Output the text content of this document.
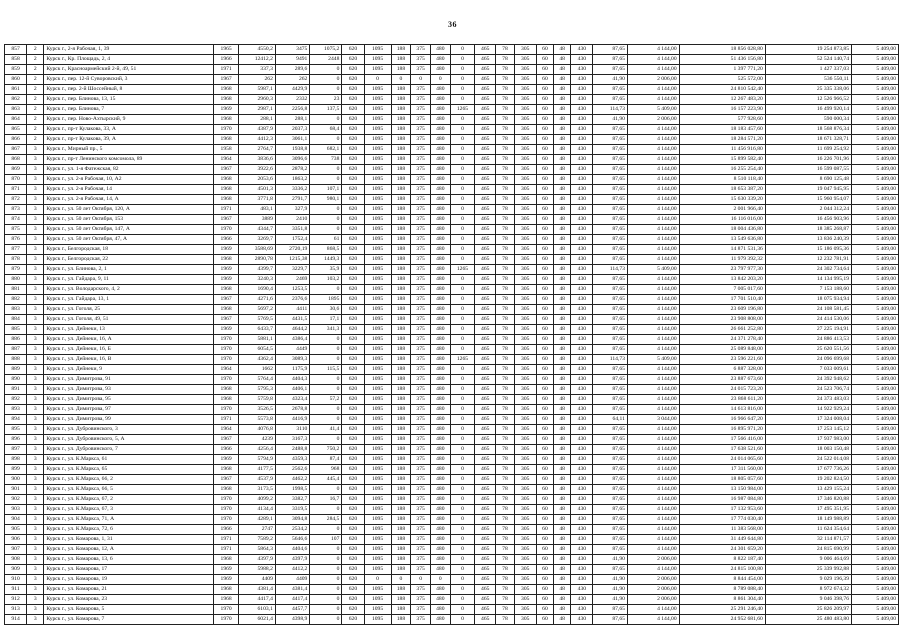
36
857	2	Курск г., 2-я Рабочая, 1, 39	1965	4550,2	3475	1075,2	620	1095	188	375	480	0	465	78	305	60	48	430	87,65	4 144,00	18 856 028,80	19 254 873,85	5 409,00
858	2	Курск г., Кр. Площадь, 2, 4	1966	12412,2	9491	2448	620	1095	188	375	480	0	465	78	305	60	48	430	87,65	4 144,00	51 436 156,80	52 524 140,74	5 409,00
859	2	Курск г., Красноармейский 2-й, 49, 51	1971	337,3	289,6	0	620	1095	188	375	480	0	465	78	305	60	48	430	87,65	4 144,00	1 397 771,20	1 427 337,03	5 409,00
860	2	Курск г., пер. 12-й Суворовский, 3	1967	262	262	0	620	0	0	0	0	0	465	78	305	60	48	430	41,90	2 006,00	525 572,00	536 550,11	5 409,00
861	2	Курск г., пер. 2-й Шоссейный, 8	1968	5987,1	4429,9	0	620	1095	188	375	480	0	465	78	305	60	48	430	87,65	4 144,00	24 810 542,40	25 335 338,06	5 409,00
862	2	Курск г., пер. Блинова, 13, 15	1968	2960,3	2332	23	620	1095	188	375	480	0	465	78	305	60	48	430	87,65	4 144,00	12 267 483,20	12 526 966,52	5 409,00
863	2	Курск г., пер. Блинова, 7	1969	2987,1	2256,8	137,5	620	1095	188	375	480	1265	465	78	305	60	48	430	114,73	5 409,00	16 157 223,90	16 499 920,14	5 409,00
864	2	Курск г., пер. Ново-Ахтырский, 9	1968	288,1	288,1	0	620	1095	188	375	480	0	465	78	305	60	48	430	41,90	2 006,00	577 928,60	590 000,34	5 409,00
865	2	Курск г., пр-т Кулакова, 33, А	1970	4387,9	2037,3	68,4	620	1095	188	375	480	0	465	78	305	60	48	430	87,65	4 144,00	18 183 457,60	18 568 876,34	5 409,00
866	2	Курск г., пр-т Кулакова, 39, А	1968	4412,3	3061,1	0	620	1095	188	375	480	0	465	78	305	60	48	430	87,65	4 144,00	18 284 571,20	18 671 328,71	5 409,00
867	3	Курск г., Мирный пр., 5	1958	2764,7	1938,8	682,1	620	1095	188	375	480	0	465	78	305	60	48	430	87,65	4 144,00	11 456 916,80	11 699 254,92	5 409,00
868	3	Курск г., пр-т Ленинского комсомола, 89	1964	3836,6	3096,6	738	620	1095	188	375	480	0	465	78	305	60	48	430	87,65	4 144,00	15 899 582,40	16 226 701,96	5 409,00
869	3	Курск г., ул. 1-я Фатежская, 82	1967	3922,6	2878,2	0	620	1095	188	375	480	0	465	78	305	60	48	430	87,65	4 144,00	16 255 254,40	16 599 087,55	5 409,00
870	3	Курск г., ул. 2-я Рабочая, 10, А2	1968	2053,6	1863,2	0	620	1095	188	375	480	0	465	78	305	60	48	430	87,65	4 144,00	8 510 118,40	8 690 125,48	5 409,00
871	3	Курск г., ул. 2-я Рабочая, 14	1968	4501,3	3336,2	107,1	620	1095	188	375	480	0	465	78	305	60	48	430	87,65	4 144,00	18 653 387,20	19 047 945,95	5 409,00
872	3	Курск г., ул. 2-я Рабочая, 14, А	1968	3771,8	2791,7	980,1	620	1095	188	375	480	0	465	78	305	60	48	430	87,65	4 144,00	15 630 339,20	15 960 954,07	5 409,00
873	3	Курск г., ул. 50 лет Октября, 120, А	1971	483,1	327,9	0	620	1095	188	375	480	0	465	78	305	60	48	430	87,65	4 144,00	2 001 966,40	2 044 312,24	5 409,00
874	3	Курск г., ул. 50 лет Октября, 153	1967	3889	2410	0	620	1095	188	375	480	0	465	78	305	60	48	430	87,65	4 144,00	16 116 016,00	16 456 903,96	5 409,00
875	3	Курск г., ул. 50 лет Октября, 147, А	1970	4344,7	3351,8	0	620	1095	188	375	480	0	465	78	305	60	48	430	87,65	4 144,00	18 004 436,80	18 385 268,87	5 409,00
876	3	Курск г., ул. 50 лет Октября, 47, А	1966	3269,7	1752,4	61	620	1095	188	375	480	0	465	78	305	60	48	430	87,65	4 144,00	13 549 636,80	13 836 240,39	5 409,00
877	3	Курск г., Белгородская, 18	1969	3588,69	2720,19	868,5	620	1095	188	375	480	0	465	78	305	60	48	430	87,65	4 144,00	14 871 531,36	15 186 095,36	5 409,00
878	3	Курск г., Белгородская, 22	1968	2890,78	1215,38	1449,3	620	1095	188	375	480	0	465	78	305	60	48	430	87,65	4 144,00	11 979 392,32	12 232 781,91	5 409,00
879	3	Курск г., ул. Блинова, 2, 1	1969	4399,7	3229,7	35,9	620	1095	188	375	480	1265	465	78	305	60	48	430	114,73	5 409,00	23 797 977,30	24 302 734,64	5 409,00
880	3	Курск г., ул. Гайдара, 9, 11	1969	3240,3	2469	103,2	620	1095	188	375	480	0	465	78	305	60	48	430	87,65	4 144,00	13 842 203,20	14 134 995,19	5 409,00
881	3	Курск г., ул. Володарского, 4, 2	1968	1690,4	1253,5	0	620	1095	188	375	480	0	465	78	305	60	48	430	87,65	4 144,00	7 005 017,60	7 153 188,60	5 409,00
882	3	Курск г., ул. Гайдара, 13, 1	1967	4271,6	2376,6	1895	620	1095	188	375	480	0	465	78	305	60	48	430	87,65	4 144,00	17 701 510,40	18 075 934,94	5 409,00
883	3	Курск г., ул. Гоголя, 25	1968	5697,2	4411	30,6	620	1095	188	375	480	0	465	78	305	60	48	430	87,65	4 144,00	23 609 196,80	24 108 581,45	5 409,00
884	3	Курск г., ул. Гоголя, 49, 51	1967	5769,5	4431,5	17,1	620	1095	188	375	480	0	465	78	305	60	48	430	87,65	4 144,00	23 908 808,00	24 414 530,06	5 409,00
885	3	Курск г., ул. Дейнеки, 13	1969	6433,7	4644,2	341,3	620	1095	188	375	480	0	465	78	305	60	48	430	87,65	4 144,00	26 661 252,80	27 225 194,91	5 409,00
886	3	Курск г., ул. Дейнеки, 16, А	1970	5881,1	4386,4	0	620	1095	188	375	480	0	465	78	305	60	48	430	87,65	4 144,00	24 371 278,40	24 886 413,53	5 409,00
887	3	Курск г., ул. Дейнеки, 16, Б	1970	6054,5	4449	0	620	1095	188	375	480	0	465	78	305	60	48	430	87,65	4 144,00	25 089 848,00	25 620 551,56	5 409,00
888	3	Курск г., ул. Дейнеки, 16, В	1970	4362,4	3089,3	0	620	1095	188	375	480	1265	465	78	305	60	48	430	114,73	5 409,00	23 596 221,60	24 096 699,68	5 409,00
889	3	Курск г., ул. Дейнеки, 9	1964	1662	1175,9	115,5	620	1095	188	375	480	0	465	78	305	60	48	430	87,65	4 144,00	6 887 328,00	7 033 009,61	5 409,00
890	3	Курск г., ул. Димитрова, 91	1970	5764,4	4404,3	0	620	1095	188	375	480	0	465	78	305	60	48	430	87,65	4 144,00	23 887 673,60	24 392 948,62	5 409,00
891	3	Курск г., ул. Димитрова, 93	1968	5795,3	4406,1	0	620	1095	188	375	480	0	465	78	305	60	48	430	87,65	4 144,00	24 015 723,20	24 523 706,74	5 409,00
892	3	Курск г., ул. Димитрова, 95	1968	5759,8	4323,4	57,2	620	1095	188	375	480	0	465	78	305	60	48	430	87,65	4 144,00	23 868 611,20	24 373 483,03	5 409,00
893	3	Курск г., ул. Димитрова, 97	1970	3526,5	2678,8	0	620	1095	188	375	480	0	465	78	305	60	48	430	87,65	4 144,00	14 613 816,00	14 922 929,24	5 409,00
894	3	Курск г., ул. Димитрова, 99	1971	5573,8	4416,9	0	620	1095	188	375	480	0	465	78	305	60	48	430	64,11	3 044,00	16 966 647,20	17 324 008,04	5 409,00
895	3	Курск г., ул. Дубровинского, 3	1964	4076,8	3110	41,4	620	1095	188	375	480	0	465	78	305	60	48	430	87,65	4 144,00	16 895 971,20	17 253 145,12	5 409,00
896	3	Курск г., ул. Дубровинского, 5, А	1967	4239	3167,3	0	620	1095	188	375	480	0	465	78	305	60	48	430	87,65	4 144,00	17 566 416,00	17 937 983,00	5 409,00
897	3	Курск г., ул. Дубровинского, 7	1966	4256,4	2488,8	750,2	620	1095	188	375	480	0	465	78	305	60	48	430	87,65	4 144,00	17 638 521,60	18 003 150,48	5 409,00
898	3	Курск г., ул. К.Маркса, 61	1969	5794,9	4359,3	87,4	620	1095	188	375	480	0	465	78	305	60	48	430	87,65	4 144,00	24 014 065,60	24 522 014,08	5 409,00
899	3	Курск г., ул. К.Маркса, 65	1968	4177,5	2562,6	968	620	1095	188	375	480	0	465	78	305	60	48	430	87,65	4 144,00	17 311 560,00	17 677 736,26	5 409,00
900	3	Курск г., ул. К.Маркса, 66, 2	1967	4537,9	4462,2	445,4	620	1095	188	375	480	0	465	78	305	60	48	430	87,65	4 144,00	18 805 057,60	19 202 824,50	5 409,00
901	3	Курск г., ул. К.Маркса, 66, 5	1968	3173,5	1998,5	0	620	1095	188	375	480	0	465	78	305	60	48	430	87,65	4 144,00	13 150 984,00	13 429 155,24	5 409,00
902	3	Курск г., ул. К.Маркса, 67, 2	1970	4099,2	3382,7	16,7	620	1095	188	375	480	0	465	78	305	60	48	430	87,65	4 144,00	16 987 084,80	17 346 820,88	5 409,00
903	3	Курск г., ул. К.Маркса, 67, 3	1970	4134,4	3319,5	0	620	1095	188	375	480	0	465	78	305	60	48	430	87,65	4 144,00	17 132 953,60	17 495 351,95	5 409,00
904	3	Курск г., ул. К.Маркса, 71, А	1970	4289,1	3094,8	284,5	620	1095	188	375	480	0	465	78	305	60	48	430	87,65	4 144,00	17 774 030,40	18 149 988,89	5 409,00
905	3	Курск г., ул. К.Маркса, 72, 6	1966	2747	2534,2	0	620	1095	188	375	480	0	465	78	305	60	48	430	87,65	4 144,00	11 383 568,00	11 624 354,64	5 409,00
906	3	Курск г., ул. Комарова, 1, 31	1971	7589,2	5646,6	107	620	1095	188	375	480	0	465	78	305	60	48	430	87,65	4 144,00	31 449 644,80	32 114 871,57	5 409,00
907	3	Курск г., ул. Комарова, 12, А	1971	5864,3	4404,6	0	620	1095	188	375	480	0	465	78	305	60	48	430	87,65	4 144,00	24 301 659,20	24 815 690,99	5 409,00
908	3	Курск г., ул. Комарова, 13, 6	1968	4397,9	4397,9	0	620	1095	188	375	480	0	465	78	305	60	48	430	41,90	2 006,00	8 822 187,40	9 006 464,69	5 409,00
909	3	Курск г., ул. Комарова, 17	1969	5988,2	4412,2	0	620	1095	188	375	480	0	465	78	305	60	48	430	87,65	4 144,00	24 815 100,80	25 339 992,88	5 409,00
910	3	Курск г., ул. Комарова, 19	1969	4409	4409	0	620	0	0	0	0	0	465	78	305	60	48	430	41,90	2 006,00	8 844 454,00	9 029 196,39	5 409,00
911	3	Курск г., ул. Комарова, 21	1968	4381,4	4381,4	0	620	1095	188	375	480	0	465	78	305	60	48	430	41,90	2 006,00	8 789 088,40	8 972 674,32	5 409,00
912	3	Курск г., ул. Комарова, 23	1968	4417,4	4417,4	0	620	1095	188	375	480	0	465	78	305	60	48	430	41,90	2 006,00	8 861 304,40	9 046 398,76	5 409,00
913	3	Курск г., ул. Комарова, 5	1970	6103,1	4457,7	0	620	1095	188	375	480	0	465	78	305	60	48	430	87,65	4 144,00	25 291 246,40	25 826 209,97	5 409,00
914	3	Курск г., ул. Комарова, 7	1970	6021,4	4398,9	0	620	1095	188	375	480	0	465	78	305	60	48	430	87,65	4 144,00	24 952 681,60	25 480 483,80	5 409,00
